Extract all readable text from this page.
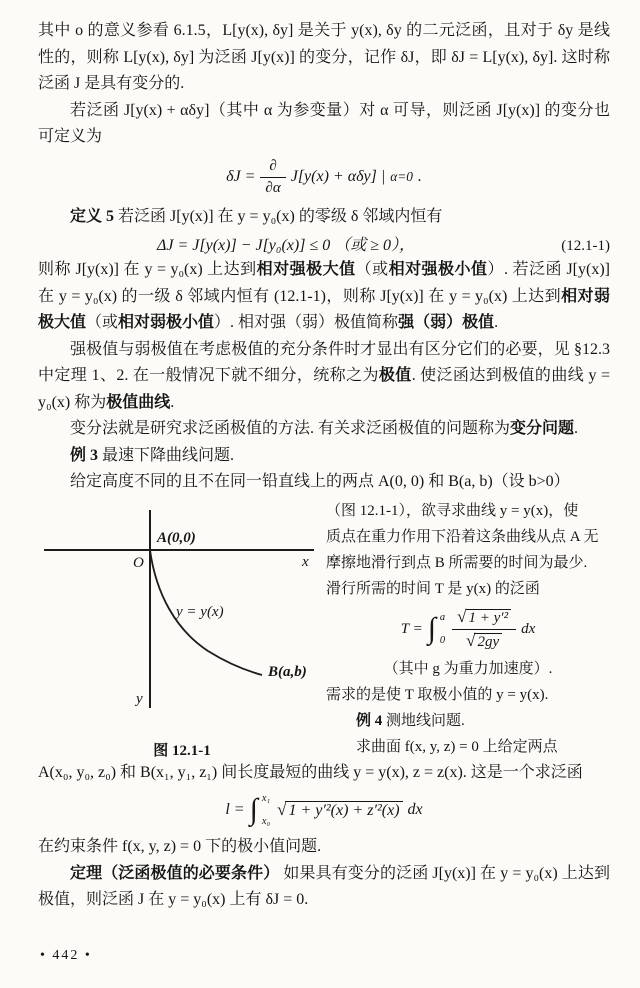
其中 o 的意义参看 6.1.5，L[y(x), δy] 是关于 y(x), δy 的二元泛函，且对于 δy 是线性的，则称 L[y(x), δy] 为泛函 J[y(x)] 的变分，记作 δJ，即 δJ = L[y(x), δy]. 这时称泛函 J 是具有变分的.

若泛函 J[y(x) + αδy]（其中 α 为参变量）对 α 可导，则泛函 J[y(x)] 的变分也可定义为

$\delta J = \frac{\partial}{\partial\alpha} J[y(x) + \alpha\delta y]$ | α=0 .

定义 5 若泛函 J[y(x)] 在 y = y₀(x) 的零级 δ 邻域内恒有

ΔJ = J[y(x)] − J[y₀(x)] ≤ 0 （或 ≥ 0），	(12.1-1)

则称 J[y(x)] 在 y = y₀(x) 上达到相对强极大值（或相对强极小值）. 若泛函 J[y(x)] 在 y = y₀(x) 的一级 δ 邻域内恒有 (12.1-1)，则称 J[y(x)] 在 y = y₀(x) 上达到相对弱极大值（或相对弱极小值）. 相对强（弱）极值简称强（弱）极值.

强极值与弱极值在考虑极值的充分条件时才显出有区分它们的必要，见 §12.3 中定理 1、2. 在一般情况下就不细分，统称之为极值. 使泛函达到极值的曲线 y = y₀(x) 称为极值曲线.

变分法就是研究求泛函极值的方法. 有关求泛函极值的问题称为变分问题.

例 3 最速下降曲线问题.

给定高度不同的且不在同一铅直线上的两点 A(0, 0) 和 B(a, b)（设 b>0）

O
A(0,0)
x
y
y = y(x)
B(a,b)
图 12.1-1

（图 12.1-1），欲寻求曲线 y = y(x)，使

质点在重力作用下沿着这条曲线从点 A 无

摩擦地滑行到点 B 所需要的时间为最少.

滑行所需的时间 T 是 y(x) 的泛函

T = ∫ a
$0 \frac{\text{√ 1 + y′²}}{√ 2gy}$ dx

（其中 g 为重力加速度）.

需求的是使 T 取极小值的 y = y(x).

例 4 测地线问题.

求曲面 f(x, y, z) = 0 上给定两点

A(x₀, y₀, z₀) 和 B(x₁, y₁, z₁) 间长度最短的曲线 y = y(x), z = z(x). 这是一个求泛函

l = ∫ x₁
x₀
√ 1 + y′²(x) + z′²(x) dx

在约束条件 f(x, y, z) = 0 下的极小值问题.

定理（泛函极值的必要条件） 如果具有变分的泛函 J[y(x)] 在 y = y₀(x) 上达到极值，则泛函 J 在 y = y₀(x) 上有 δJ = 0.

• 442 •
